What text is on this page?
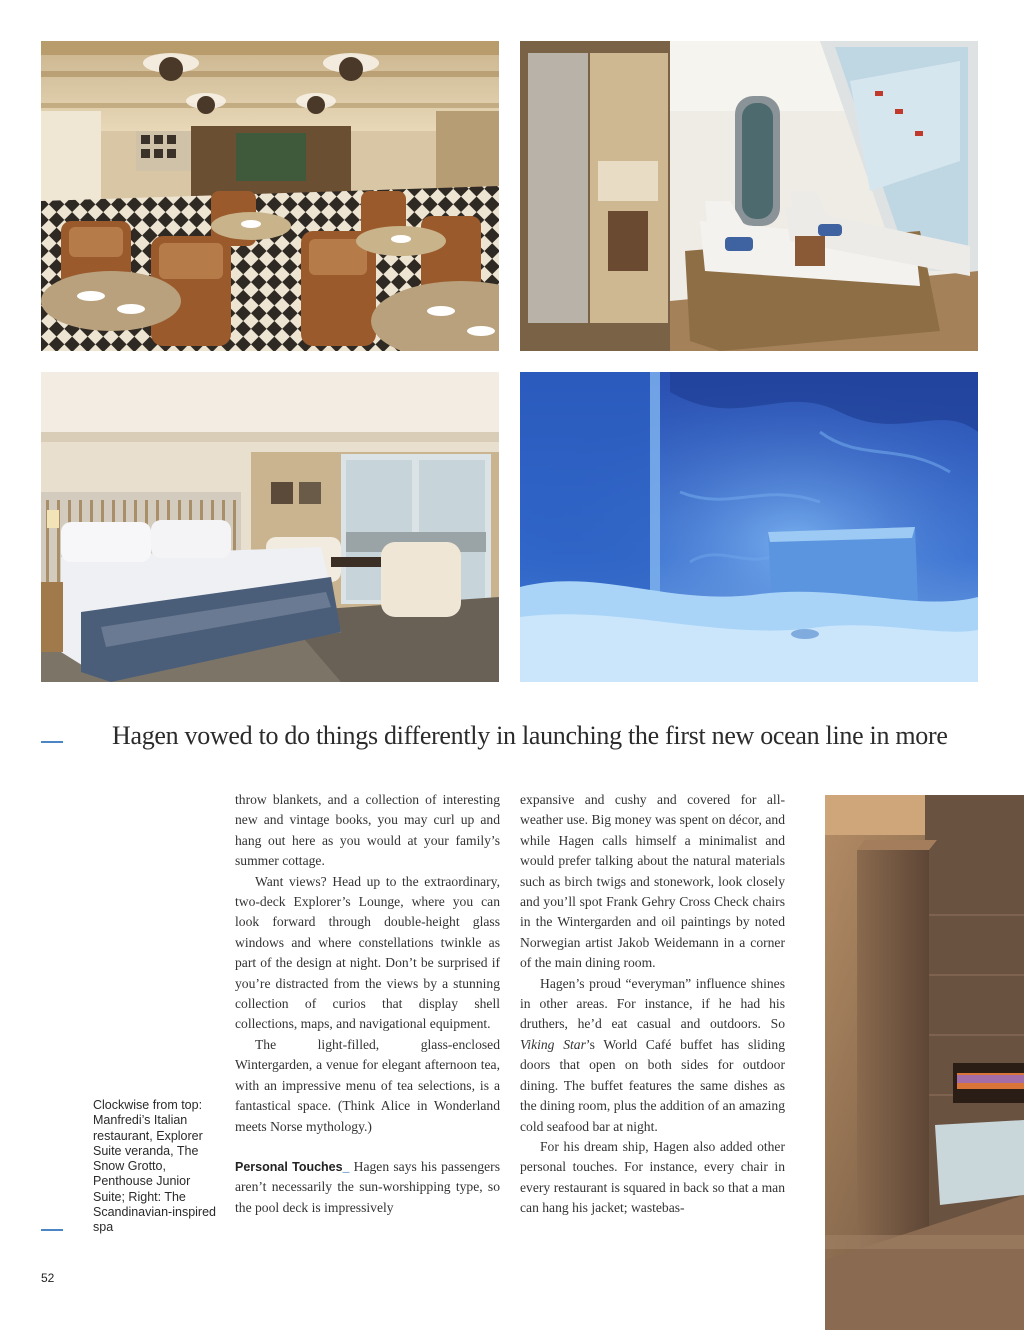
Hagen vowed to do things differently in launching the first new ocean line in more
Clockwise from top: Manfredi’s Italian restaurant, Explorer Suite veranda, The Snow Grotto, Penthouse Junior Suite; Right: The Scandinavian-inspired spa

throw blankets, and a collection of interesting new and vintage books, you may curl up and hang out here as you would at your family’s summer cottage.

Want views? Head up to the extraordinary, two-deck Explorer’s Lounge, where you can look forward through double-height glass windows and where constellations twinkle as part of the design at night. Don’t be surprised if you’re distracted from the views by a stunning collection of curios that display shell collections, maps, and navigational equipment.

The light-filled, glass-enclosed Wintergarden, a venue for elegant afternoon tea, with an impressive menu of tea selections, is a fantastical space. (Think Alice in Wonderland meets Norse mythology.)

Personal Touches_ Hagen says his passengers aren’t necessarily the sun-worshipping type, so the pool deck is impressively

expansive and cushy and covered for all-weather use. Big money was spent on décor, and while Hagen calls himself a minimalist and would prefer talking about the natural materials such as birch twigs and stonework, look closely and you’ll spot Frank Gehry Cross Check chairs in the Wintergarden and oil paintings by noted Norwegian artist Jakob Weidemann in a corner of the main dining room.

Hagen’s proud “everyman” influence shines in other areas. For instance, if he had his druthers, he’d eat casual and outdoors. So Viking Star’s World Café buffet has sliding doors that open on both sides for outdoor dining. The buffet features the same dishes as the dining room, plus the addition of an amazing cold seafood bar at night.

For his dream ship, Hagen also added other personal touches. For instance, every chair in every restaurant is squared in back so that a man can hang his jacket; wastebas-

52
